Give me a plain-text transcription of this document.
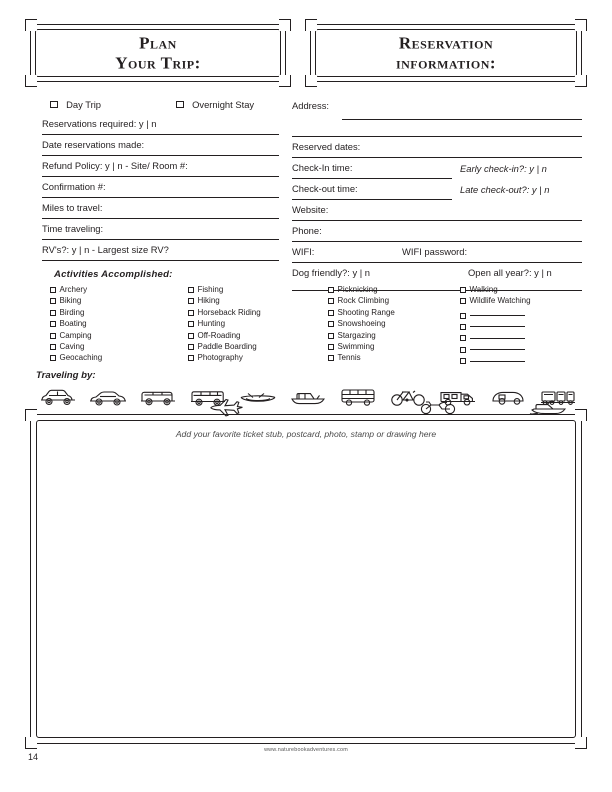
Plan
Your Trip:
Reservation
information:
Day Trip	Overnight Stay
Reservations required: y | n
Date reservations made:
Refund Policy: y | n - Site/ Room #:
Confirmation #:
Miles to travel:
Time traveling:
RV's?: y | n - Largest size RV?
Activities Accomplished:
Address:
Reserved dates:
Check-In time:	Early check-in?: y | n
Check-out time:	Late check-out?: y | n
Website:
Phone:
WIFI:	WIFI password:
Dog friendly?: y | n	Open all year?: y | n
Archery
Biking
Birding
Boating
Camping
Caving
Geocaching
Fishing
Hiking
Horseback Riding
Hunting
Off-Roading
Paddle Boarding
Photography
Picknicking
Rock Climbing
Shooting Range
Snowshoeing
Stargazing
Swimming
Tennis
Walking
Wildlife Watching
Traveling by:
Add your favorite ticket stub, postcard, photo, stamp or drawing here
14
www.naturebookadventures.com
